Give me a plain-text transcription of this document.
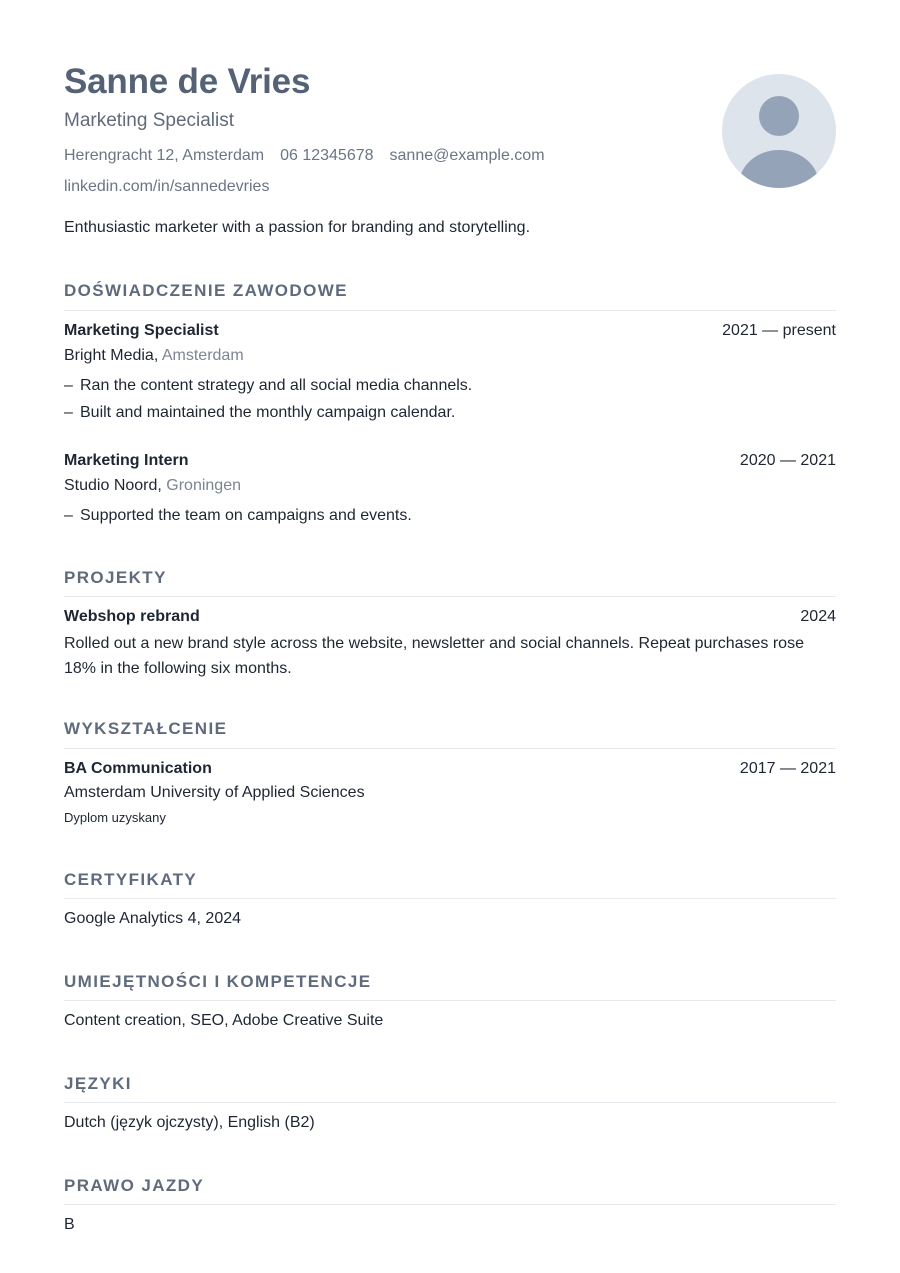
Sanne de Vries
Marketing Specialist
Herengracht 12, Amsterdam 06 12345678 sanne@example.com
linkedin.com/in/sannedevries
Enthusiastic marketer with a passion for branding and storytelling.
DOŚWIADCZENIE ZAWODOWE
Marketing Specialist	2021 — present
Bright Media, Amsterdam
– Ran the content strategy and all social media channels.
– Built and maintained the monthly campaign calendar.
Marketing Intern	2020 — 2021
Studio Noord, Groningen
– Supported the team on campaigns and events.
PROJEKTY
Webshop rebrand	2024
Rolled out a new brand style across the website, newsletter and social channels. Repeat purchases rose 18% in the following six months.
WYKSZTAŁCENIE
BA Communication	2017 — 2021
Amsterdam University of Applied Sciences
Dyplom uzyskany
CERTYFIKATY
Google Analytics 4, 2024
UMIEJĘTNOŚCI I KOMPETENCJE
Content creation, SEO, Adobe Creative Suite
JĘZYKI
Dutch (język ojczysty), English (B2)
PRAWO JAZDY
B
